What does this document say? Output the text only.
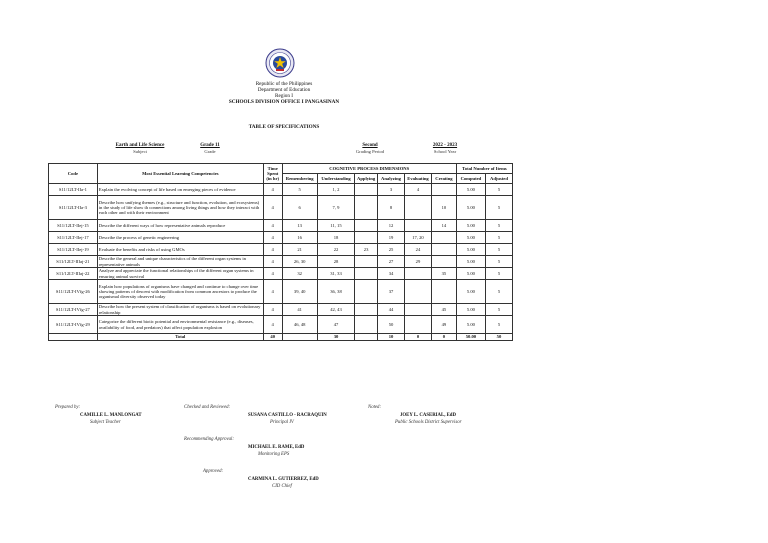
Republic of the Philippines
Department of Education
Region I
SCHOOLS DIVISION OFFICE I PANGASINAN
TABLE OF SPECIFICATIONS
Earth and Life Science
Subject
Grade 11
Grade
Second
Grading Period
2022 - 2023
School Year
Code	Most Essential Learning Competencies	Time Spent (in hr)	COGNITIVE PROCESS DIMENSIONS						Total Number of Items	
			Remembering	Understanding	Applying	Analyzing	Evaluating	Creating	Computed	Adjusted
S11/12LT-IIa-1	Explain the evolving concept of life based on emerging pieces of evidence	4	5	1, 2		3	4		5.00	5
S11/12LT-IIa-3	Describe how unifying themes (e.g., structure and function, evolution, and ecosystems) in the study of life show th connections among living things and how they interact with each other and with their environment	4	6	7, 9		8		10	5.00	5
S11/12LT-IIej-15	Describe the different ways of how representative animals reproduce	4	13	11, 15		12		14	5.00	5
S11/12LT-IIej-17	Describe the process of genetic engineering	4	16	18		19	17, 20		5.00	5
S11/12LT-IIej-19	Evaluate the benefits and risks of using GMOs	4	21	22	23	25	24		5.00	5
S11/12LT-IIIaj-21	Describe the general and unique characteristics of the different organ systems in representative animals	4	26, 30	28		27	29		5.00	5
S11/12LT-IIIaj-22	Analyze and appreciate the functional relationships of the different organ systems in ensuring animal survival	4	32	31, 33		34		35	5.00	5
S11/12LT-IVfg-26	Explain how populations of organisms have changed and continue to change over time showing patterns of descent with modification from common ancestors to produce the organismal diversity observed today	4	39, 40	36, 38		37			5.00	5
S11/12LT-IVfg-27	Describe how the present system of classification of organisms is based on evolutionary relationship	4	41	42, 43		44		45	5.00	5
S11/12LT-IVfg-29	Categorize the different biotic potential and environmental resistance (e.g., diseases, availability of food, and predators) that affect population explosion	4	46, 48	47		50		49	5.00	5
	Total	40		30		10	0	0	50.00	50
Prepared by:
CAMILLE L. MANLONGAT
Subject Teacher
Checked and Reviewed:
SUSANA CASTILLO - RACRAQUIN
Principal IV
Noted:
JOEY L. CASERIAL, EdD
Public Schools District Supervisor
Recommending Approval:
MICHAEL E. RAME, EdD
Monitoring EPS
Approved:
CARMINA L. GUTIERREZ, EdD
CID Chief
